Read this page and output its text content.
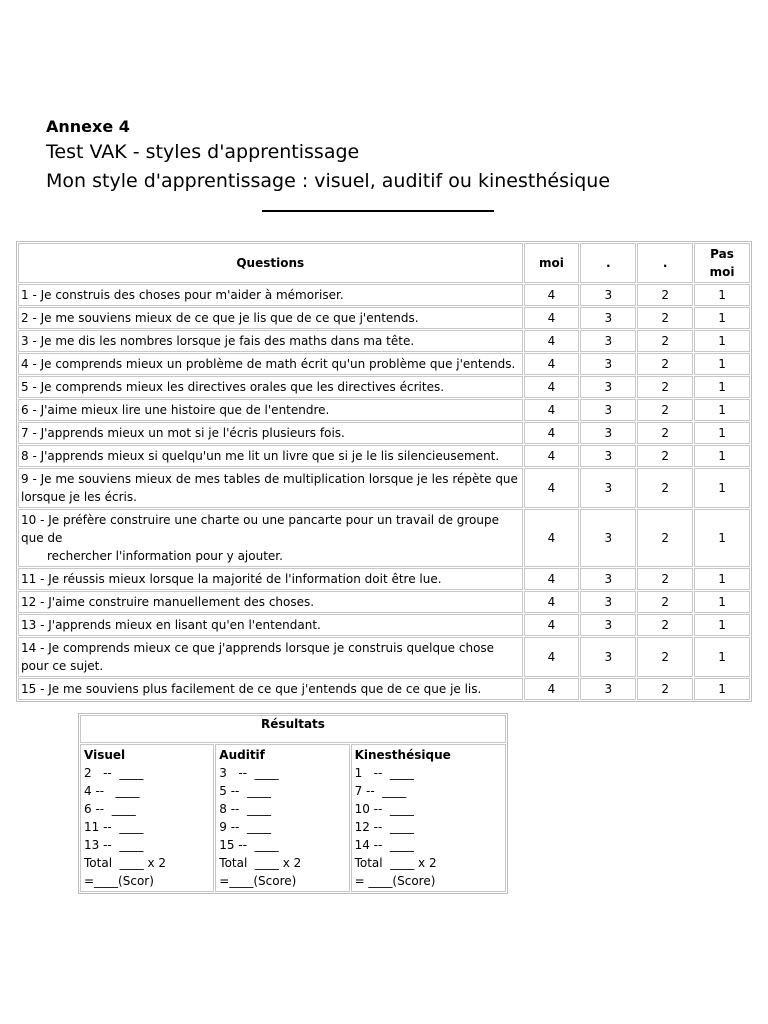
Annexe 4
Test VAK - styles d'apprentissage
Mon style d'apprentissage : visuel, auditif ou kinesthésique
Questions	moi	.	.	Pas moi
1 - Je construis des choses pour m'aider à mémoriser.	4	3	2	1
2 - Je me souviens mieux de ce que je lis que de ce que j'entends.	4	3	2	1
3 - Je me dis les nombres lorsque je fais des maths dans ma tête.	4	3	2	1
4 - Je comprends mieux un problème de math écrit qu'un problème que j'entends.	4	3	2	1
5 - Je comprends mieux les directives orales que les directives écrites.	4	3	2	1
6 - J'aime mieux lire une histoire que de l'entendre.	4	3	2	1
7 - J'apprends mieux un mot si je l'écris plusieurs fois.	4	3	2	1
8 - J'apprends mieux si quelqu'un me lit un livre que si je le lis silencieusement.	4	3	2	1
9 - Je me souviens mieux de mes tables de multiplication lorsque je les répète que lorsque je les écris.	4	3	2	1
10 - Je préfère construire une charte ou une pancarte pour un travail de groupe que de
rechercher l'information pour y ajouter.	4	3	2	1
11 - Je réussis mieux lorsque la majorité de l'information doit être lue.	4	3	2	1
12 - J'aime construire manuellement des choses.	4	3	2	1
13 - J'apprends mieux en lisant qu'en l'entendant.	4	3	2	1
14 - Je comprends mieux ce que j'apprends lorsque je construis quelque chose pour ce sujet.	4	3	2	1
15 - Je me souviens plus facilement de ce que j'entends que de ce que je lis.	4	3	2	1
Résultats

Visuel
2   --  ____
4 --   ____
6 --  ____
11 --  ____
13 --  ____
Total  ____ x 2
=____(Scor)

Auditif
3   --  ____
5 --  ____
8 --  ____
9 --  ____
15 --  ____
Total  ____ x 2
=____(Score)

Kinesthésique
1   --  ____
7 --  ____
10 --  ____
12 --  ____
14 --  ____
Total  ____ x 2
= ____(Score)
